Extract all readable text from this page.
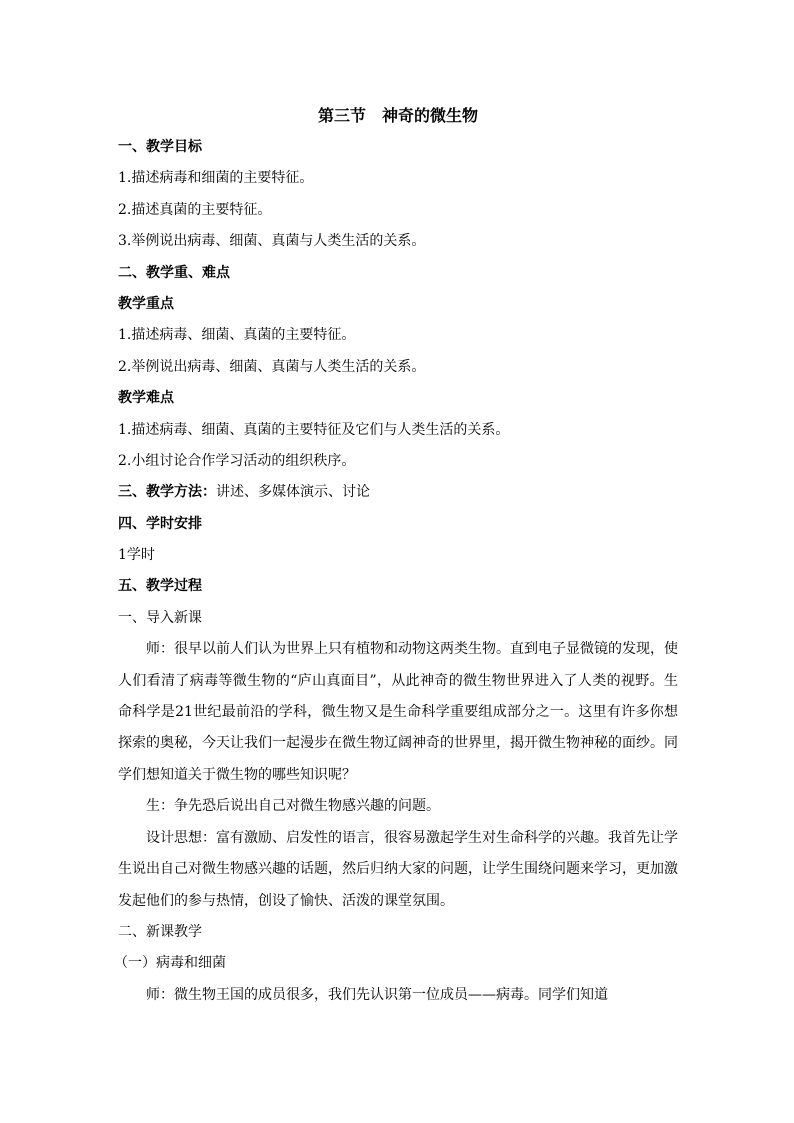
第三节　神奇的微生物

一、教学目标

1.描述病毒和细菌的主要特征。

2.描述真菌的主要特征。

3.举例说出病毒、细菌、真菌与人类生活的关系。

二、教学重、难点

教学重点

1.描述病毒、细菌、真菌的主要特征。

2.举例说出病毒、细菌、真菌与人类生活的关系。

教学难点

1.描述病毒、细菌、真菌的主要特征及它们与人类生活的关系。

2.小组讨论合作学习活动的组织秩序。

三、教学方法：讲述、多媒体演示、讨论

四、学时安排

1学时

五、教学过程

一、导入新课

师：很早以前人们认为世界上只有植物和动物这两类生物。直到电子显微镜的发现，使人们看清了病毒等微生物的“庐山真面目”，从此神奇的微生物世界进入了人类的视野。生命科学是21世纪最前沿的学科，微生物又是生命科学重要组成部分之一。这里有许多你想探索的奥秘，今天让我们一起漫步在微生物辽阔神奇的世界里，揭开微生物神秘的面纱。同学们想知道关于微生物的哪些知识呢？

生：争先恐后说出自己对微生物感兴趣的问题。

设计思想：富有激励、启发性的语言，很容易激起学生对生命科学的兴趣。我首先让学生说出自己对微生物感兴趣的话题，然后归纳大家的问题，让学生围绕问题来学习，更加激发起他们的参与热情，创设了愉快、活泼的课堂氛围。

二、新课教学

（一）病毒和细菌

师：微生物王国的成员很多，我们先认识第一位成员——病毒。同学们知道
